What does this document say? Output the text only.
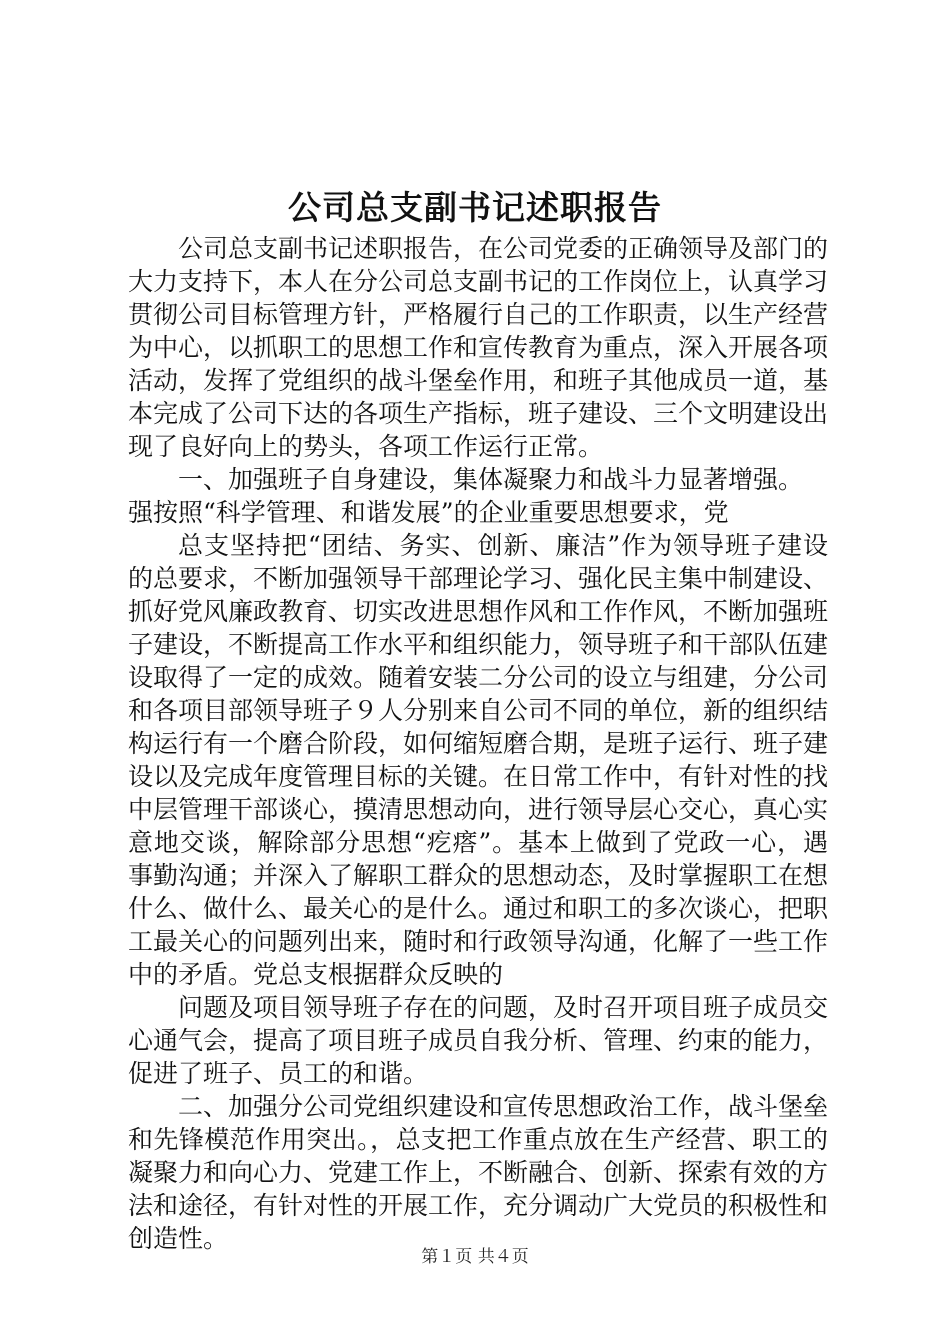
公司总支副书记述职报告

公司总支副书记述职报告，在公司党委的正确领导及部门的大力支持下，本人在分公司总支副书记的工作岗位上，认真学习贯彻公司目标管理方针，严格履行自己的工作职责，以生产经营为中心，以抓职工的思想工作和宣传教育为重点，深入开展各项活动，发挥了党组织的战斗堡垒作用，和班子其他成员一道，基本完成了公司下达的各项生产指标，班子建设、三个文明建设出现了良好向上的势头，各项工作运行正常。

一、加强班子自身建设，集体凝聚力和战斗力显著增强。

强按照“科学管理、和谐发展”的企业重要思想要求，党

总支坚持把“团结、务实、创新、廉洁”作为领导班子建设的总要求，不断加强领导干部理论学习、强化民主集中制建设、抓好党风廉政教育、切实改进思想作风和工作作风，不断加强班子建设，不断提高工作水平和组织能力，领导班子和干部队伍建设取得了一定的成效。随着安装二分公司的设立与组建，分公司和各项目部领导班子９人分别来自公司不同的单位，新的组织结构运行有一个磨合阶段，如何缩短磨合期，是班子运行、班子建设以及完成年度管理目标的关键。在日常工作中，有针对性的找中层管理干部谈心，摸清思想动向，进行领导层心交心，真心实意地交谈，解除部分思想“疙瘩”。基本上做到了党政一心，遇事勤沟通；并深入了解职工群众的思想动态，及时掌握职工在想什么、做什么、最关心的是什么。通过和职工的多次谈心，把职工最关心的问题列出来，随时和行政领导沟通，化解了一些工作中的矛盾。党总支根据群众反映的

问题及项目领导班子存在的问题，及时召开项目班子成员交心通气会，提高了项目班子成员自我分析、管理、约束的能力，促进了班子、员工的和谐。

二、加强分公司党组织建设和宣传思想政治工作，战斗堡垒和先锋模范作用突出。，总支把工作重点放在生产经营、职工的凝聚力和向心力、党建工作上，不断融合、创新、探索有效的方法和途径，有针对性的开展工作，充分调动广大党员的积极性和创造性。

第１页 共４页
